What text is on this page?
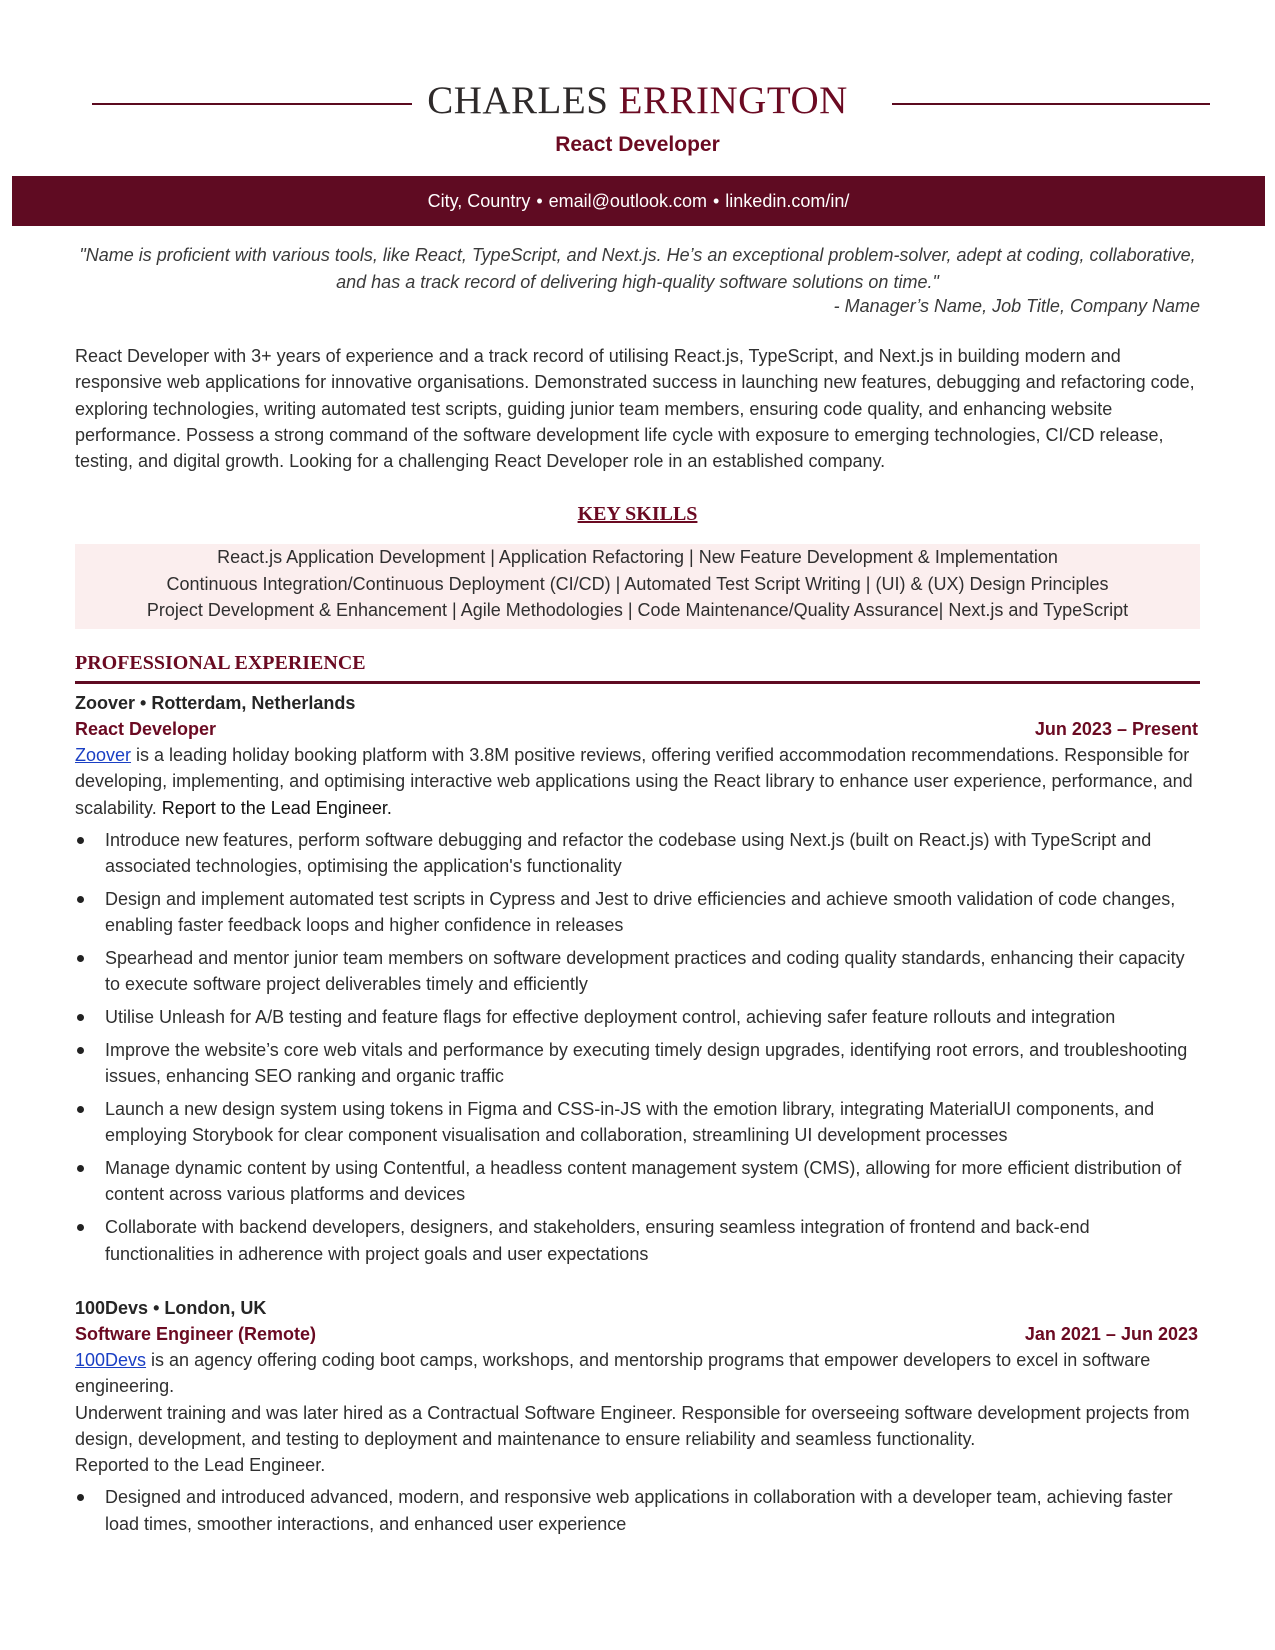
CHARLES ERRINGTON
React Developer
City, Country • email@outlook.com • linkedin.com/in/
"Name is proficient with various tools, like React, TypeScript, and Next.js. He’s an exceptional problem-solver, adept at coding, collaborative, and has a track record of delivering high-quality software solutions on time."
- Manager’s Name, Job Title, Company Name
React Developer with 3+ years of experience and a track record of utilising React.js, TypeScript, and Next.js in building modern and responsive web applications for innovative organisations. Demonstrated success in launching new features, debugging and refactoring code, exploring technologies, writing automated test scripts, guiding junior team members, ensuring code quality, and enhancing website performance. Possess a strong command of the software development life cycle with exposure to emerging technologies, CI/CD release, testing, and digital growth. Looking for a challenging React Developer role in an established company.
KEY SKILLS
React.js Application Development | Application Refactoring | New Feature Development & Implementation
Continuous Integration/Continuous Deployment (CI/CD) | Automated Test Script Writing | (UI) & (UX) Design Principles
Project Development & Enhancement | Agile Methodologies | Code Maintenance/Quality Assurance| Next.js and TypeScript
PROFESSIONAL EXPERIENCE
Zoover • Rotterdam, Netherlands
React Developer	Jun 2023 – Present
Zoover is a leading holiday booking platform with 3.8M positive reviews, offering verified accommodation recommendations. Responsible for developing, implementing, and optimising interactive web applications using the React library to enhance user experience, performance, and scalability. Report to the Lead Engineer.
Introduce new features, perform software debugging and refactor the codebase using Next.js (built on React.js) with TypeScript and associated technologies, optimising the application's functionality
Design and implement automated test scripts in Cypress and Jest to drive efficiencies and achieve smooth validation of code changes, enabling faster feedback loops and higher confidence in releases
Spearhead and mentor junior team members on software development practices and coding quality standards, enhancing their capacity to execute software project deliverables timely and efficiently
Utilise Unleash for A/B testing and feature flags for effective deployment control, achieving safer feature rollouts and integration
Improve the website’s core web vitals and performance by executing timely design upgrades, identifying root errors, and troubleshooting issues, enhancing SEO ranking and organic traffic
Launch a new design system using tokens in Figma and CSS-in-JS with the emotion library, integrating MaterialUI components, and employing Storybook for clear component visualisation and collaboration, streamlining UI development processes
Manage dynamic content by using Contentful, a headless content management system (CMS), allowing for more efficient distribution of content across various platforms and devices
Collaborate with backend developers, designers, and stakeholders, ensuring seamless integration of frontend and back-end functionalities in adherence with project goals and user expectations
100Devs • London, UK
Software Engineer (Remote)	Jan 2021 – Jun 2023
100Devs is an agency offering coding boot camps, workshops, and mentorship programs that empower developers to excel in software engineering.
Underwent training and was later hired as a Contractual Software Engineer. Responsible for overseeing software development projects from design, development, and testing to deployment and maintenance to ensure reliability and seamless functionality.
Reported to the Lead Engineer.
Designed and introduced advanced, modern, and responsive web applications in collaboration with a developer team, achieving faster load times, smoother interactions, and enhanced user experience
